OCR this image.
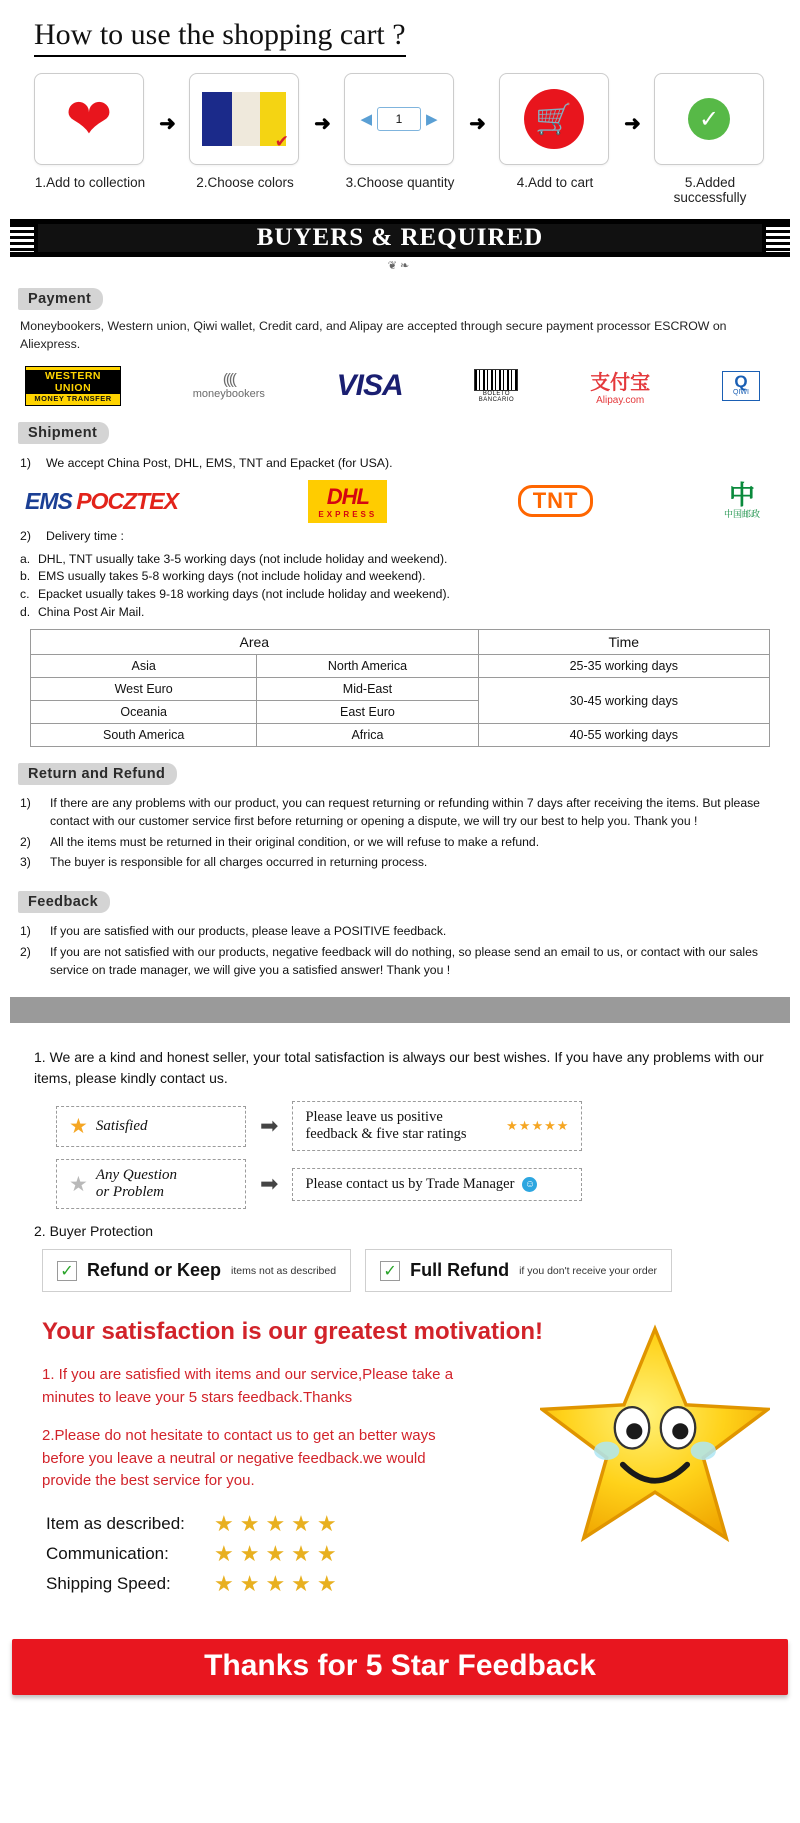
How to use the shopping cart ?
❤
1.Add to collection
➜
✔
2.Choose colors
➜	◀	1	▶
3.Choose quantity
➜	🛒
4.Add to cart
➜	✓
5.Added successfully
BUYERS & REQUIRED
❦❧
Payment
Moneybookers, Western union, Qiwi wallet, Credit card, and Alipay are accepted through secure payment processor ESCROW on Aliexpress.
WESTERN UNION
MONEY TRANSFER
((((
moneybookers VISA	BOLETO
BANCARIO
支付宝
Alipay.com
Q
QIWI
Shipment
1)	We accept China Post, DHL, EMS, TNT and Epacket (for USA).
EMS POCZTEX	DHL
EXPRESS
TNT	中
中国邮政
2)	Delivery time :
a. DHL, TNT usually take 3-5 working days (not include holiday and weekend).
b. EMS usually takes 5-8 working days (not include holiday and weekend).
c. Epacket usually takes 9-18 working days (not include holiday and weekend).
d. China Post Air Mail.
Area		Time
Asia	North America	25-35 working days
West Euro	Mid-East	30-45 working days
Oceania	East Euro	
South America	Africa	40-55 working days
Return and Refund
1)	If there are any problems with our product, you can request returning or refunding within 7 days after receiving the items. But please contact with our customer service first before returning or opening a dispute, we will try our best to help you. Thank you !
2)	All the items must be returned in their original condition, or we will refuse to make a refund.
3)	The buyer is responsible for all charges occurred in returning process.
Feedback
1)	If you are satisfied with our products, please leave a POSITIVE feedback.
2)	If you are not satisfied with our products, negative feedback will do nothing, so please send an email to us, or contact with our sales service on trade manager, we will give you a satisfied answer! Thank you !
1. We are a kind and honest seller, your total satisfaction is always our best wishes. If you have any problems with our items, please kindly contact us.
★ Satisfied	➡ Please leave us positive feedback & five star ratings
★★★★★
★ Any Question
or Problem	➡ Please contact us by Trade Manager ☺
2. Buyer Protection
✓ Refund or Keep items not as described	✓ Full Refund if you don't receive your order
Your satisfaction is our greatest motivation!

1. If you are satisfied with items and our service,Please take a minutes to leave your 5 stars feedback.Thanks

2.Please do not hesitate to contact us to get an better ways before you leave a neutral or negative feedback.we would provide the best service for you.

Item as described:	★★★★★
Communication:	★★★★★
Shipping Speed:	★★★★★
Thanks for 5 Star Feedback
